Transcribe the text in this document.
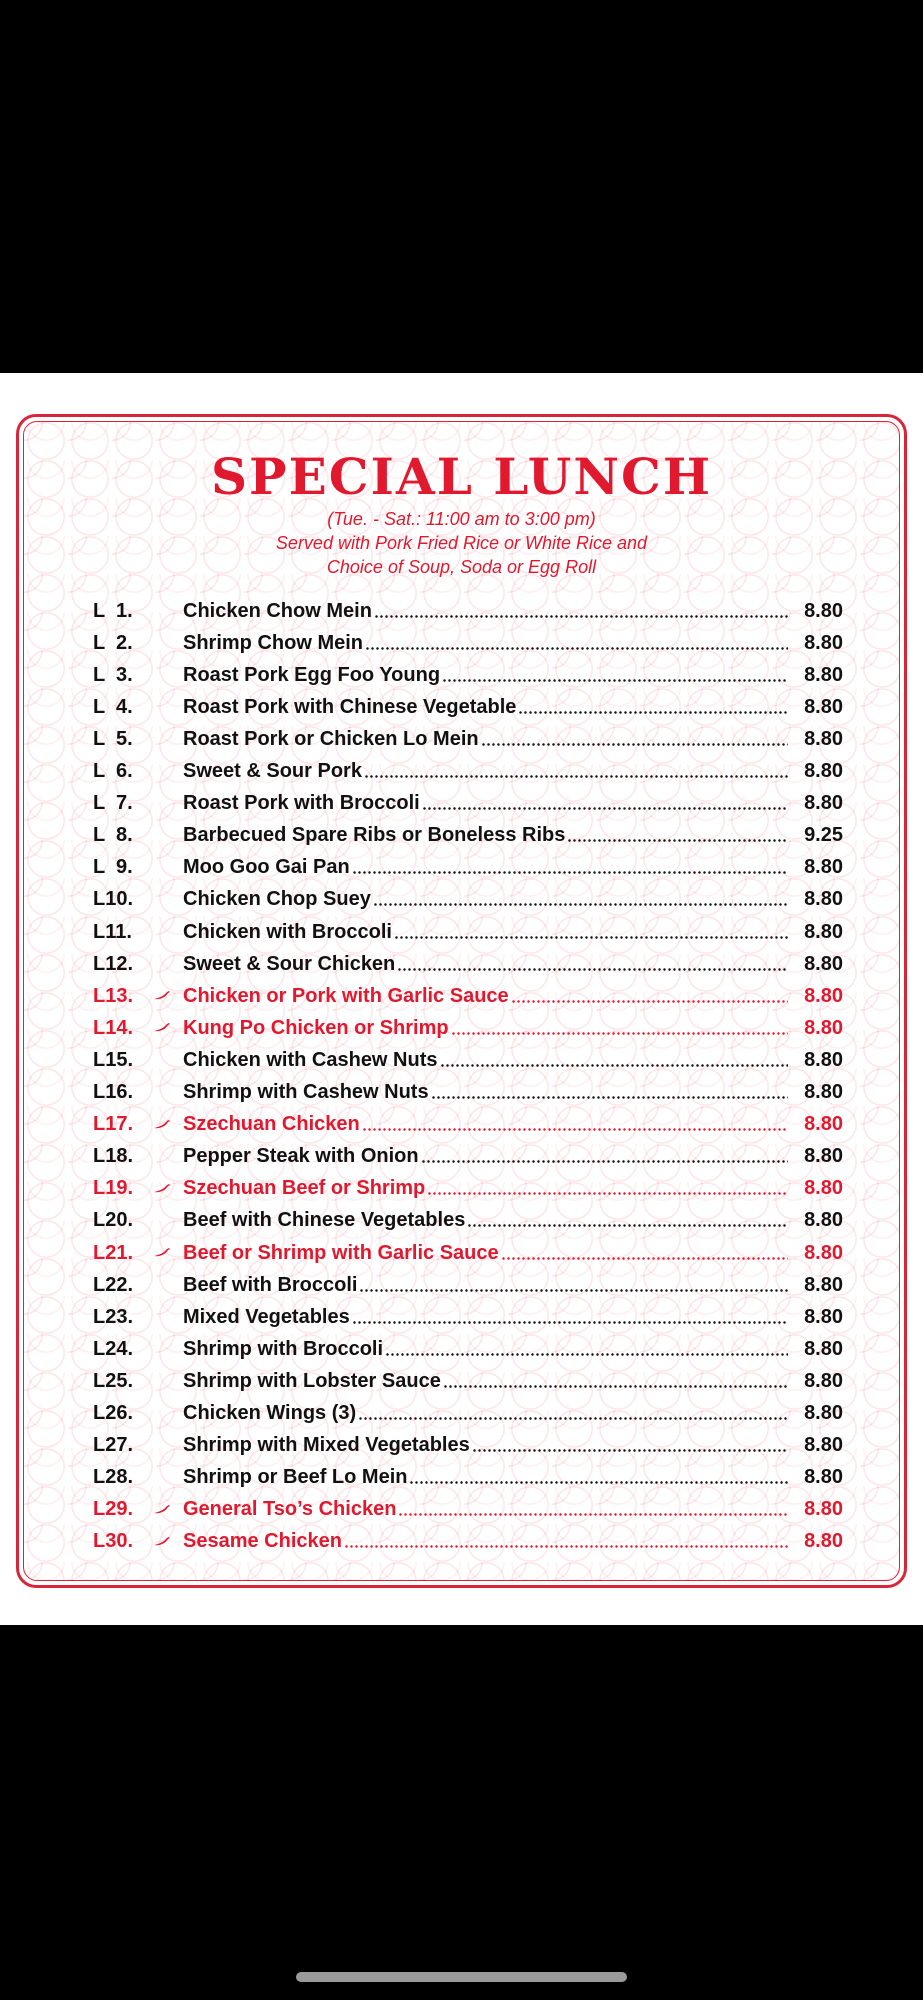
SPECIAL LUNCH
(Tue. - Sat.: 11:00 am to 3:00 pm)
Served with Pork Fried Rice or White Rice and
Choice of Soup, Soda or Egg Roll
L  1.	Chicken Chow Mein	8.80
L  2.	Shrimp Chow Mein	8.80
L  3.	Roast Pork Egg Foo Young	8.80
L  4.	Roast Pork with Chinese Vegetable	8.80
L  5.	Roast Pork or Chicken Lo Mein	8.80
L  6.	Sweet & Sour Pork	8.80
L  7.	Roast Pork with Broccoli	8.80
L  8.	Barbecued Spare Ribs or Boneless Ribs	9.25
L  9.	Moo Goo Gai Pan	8.80
L10.	Chicken Chop Suey	8.80
L11.	Chicken with Broccoli	8.80
L12.	Sweet & Sour Chicken	8.80
L13.	Chicken or Pork with Garlic Sauce	8.80
L14.	Kung Po Chicken or Shrimp	8.80
L15.	Chicken with Cashew Nuts	8.80
L16.	Shrimp with Cashew Nuts	8.80
L17.	Szechuan Chicken	8.80
L18.	Pepper Steak with Onion	8.80
L19.	Szechuan Beef or Shrimp	8.80
L20.	Beef with Chinese Vegetables	8.80
L21.	Beef or Shrimp with Garlic Sauce	8.80
L22.	Beef with Broccoli	8.80
L23.	Mixed Vegetables	8.80
L24.	Shrimp with Broccoli	8.80
L25.	Shrimp with Lobster Sauce	8.80
L26.	Chicken Wings (3)	8.80
L27.	Shrimp with Mixed Vegetables	8.80
L28.	Shrimp or Beef Lo Mein	8.80
L29.	General Tso’s Chicken	8.80
L30.	Sesame Chicken	8.80
